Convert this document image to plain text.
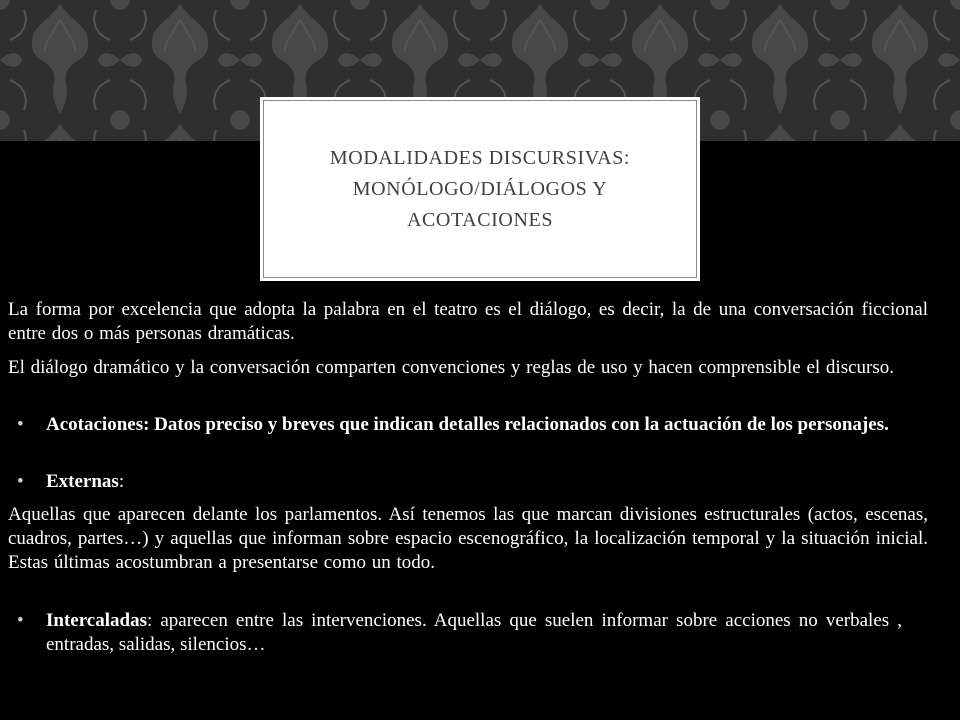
MODALIDADES DISCURSIVAS:
MONÓLOGO/DIÁLOGOS Y
ACOTACIONES
La forma por excelencia que adopta la palabra en el teatro es el diálogo, es decir, la de una conversación ficcional entre dos o más personas dramáticas.
El diálogo dramático y la conversación comparten convenciones y reglas de uso y hacen comprensible el discurso.
• Acotaciones: Datos preciso y breves que indican detalles relacionados con la actuación de los personajes.
• Externas:
Aquellas que aparecen delante los parlamentos. Así tenemos las que marcan divisiones estructurales (actos, escenas, cuadros, partes…) y aquellas que informan sobre espacio escenográfico, la localización temporal y la situación inicial. Estas últimas acostumbran a presentarse como un todo.
• Intercaladas: aparecen entre las intervenciones. Aquellas que suelen informar sobre acciones no verbales , entradas, salidas, silencios…
